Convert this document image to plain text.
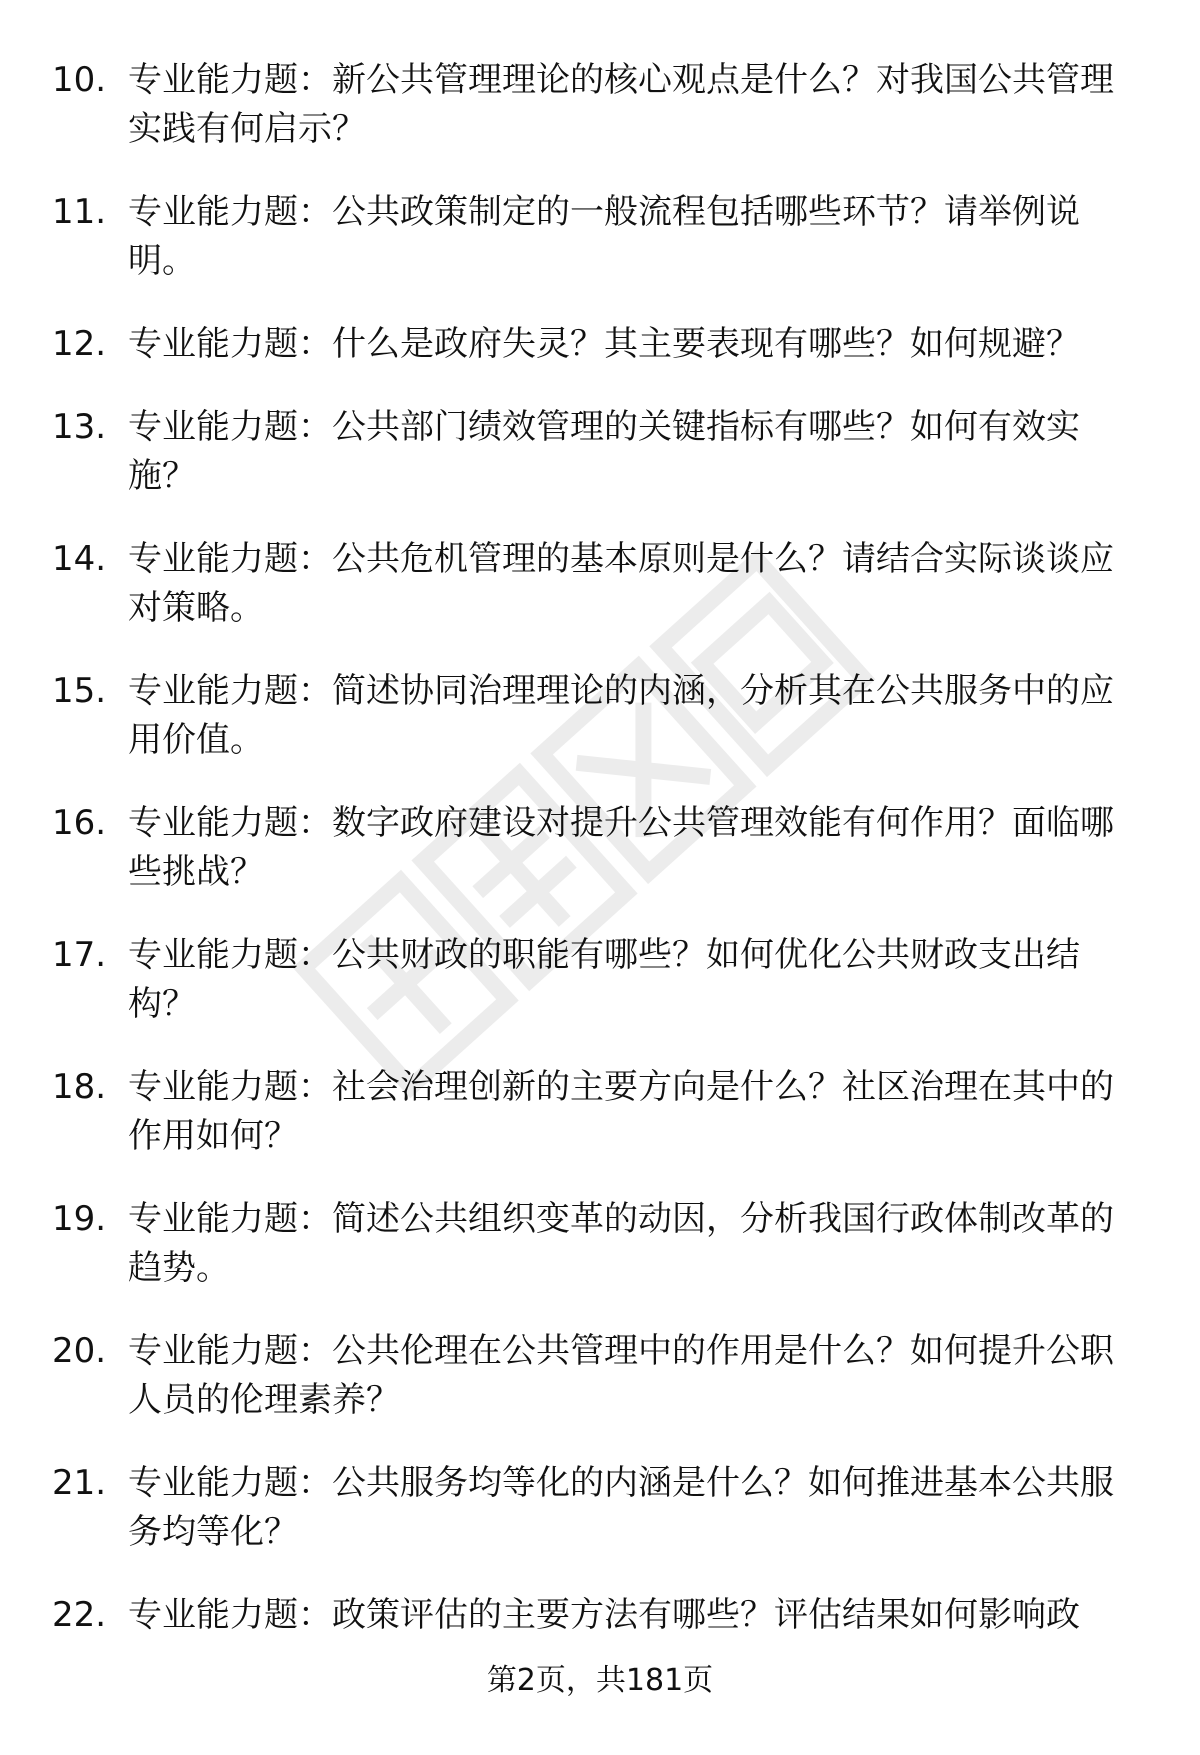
10. 专业能力题：新公共管理理论的核心观点是什么？对我国公共管理实践有何启示？
11. 专业能力题：公共政策制定的一般流程包括哪些环节？请举例说明。
12. 专业能力题：什么是政府失灵？其主要表现有哪些？如何规避？
13. 专业能力题：公共部门绩效管理的关键指标有哪些？如何有效实施？
14. 专业能力题：公共危机管理的基本原则是什么？请结合实际谈谈应对策略。
15. 专业能力题：简述协同治理理论的内涵，分析其在公共服务中的应用价值。
16. 专业能力题：数字政府建设对提升公共管理效能有何作用？面临哪些挑战？
17. 专业能力题：公共财政的职能有哪些？如何优化公共财政支出结构？
18. 专业能力题：社会治理创新的主要方向是什么？社区治理在其中的作用如何？
19. 专业能力题：简述公共组织变革的动因，分析我国行政体制改革的趋势。
20. 专业能力题：公共伦理在公共管理中的作用是什么？如何提升公职人员的伦理素养？
21. 专业能力题：公共服务均等化的内涵是什么？如何推进基本公共服务均等化？
22. 专业能力题：政策评估的主要方法有哪些？评估结果如何影响政
第2页，共181页
